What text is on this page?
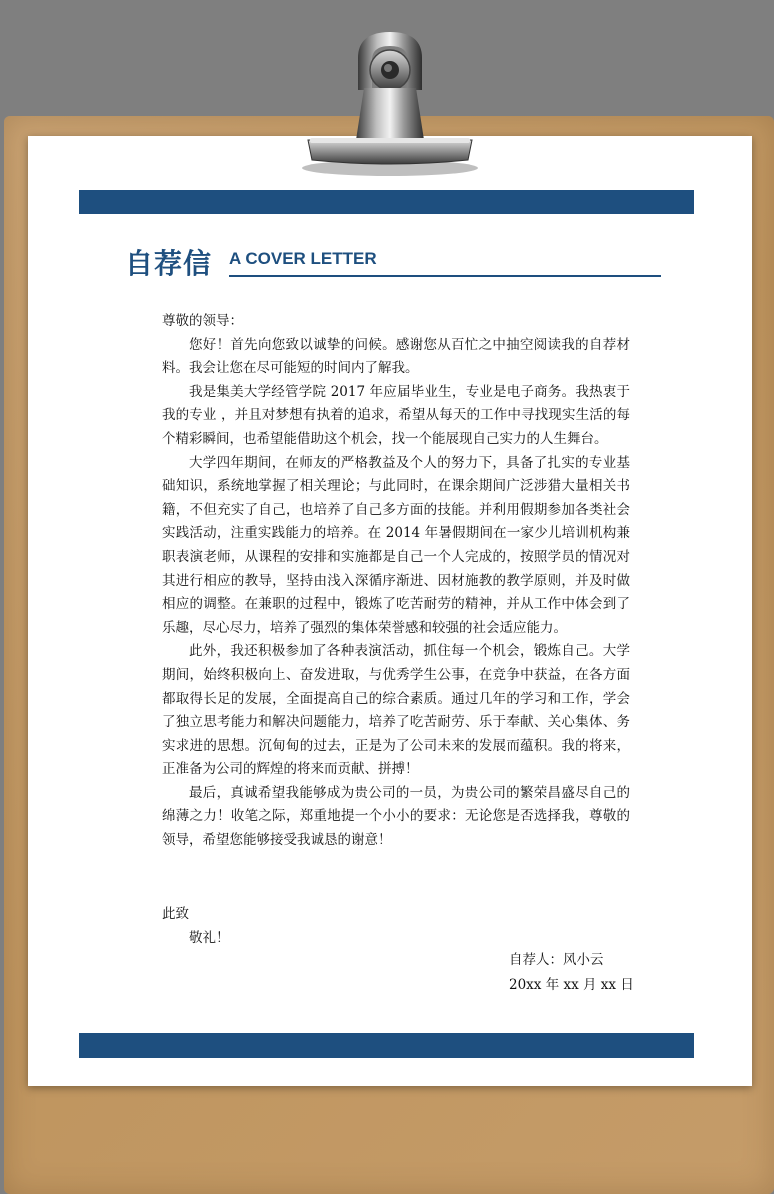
自荐信 A COVER LETTER

尊敬的领导：

您好！首先向您致以诚挚的问候。感谢您从百忙之中抽空阅读我的自荐材料。我会让您在尽可能短的时间内了解我。

我是集美大学经管学院 2017 年应届毕业生，专业是电子商务。我热衷于我的专业 ，并且对梦想有执着的追求，希望从每天的工作中寻找现实生活的每个精彩瞬间，也希望能借助这个机会，找一个能展现自己实力的人生舞台。

大学四年期间，在师友的严格教益及个人的努力下，具备了扎实的专业基础知识，系统地掌握了相关理论；与此同时，在课余期间广泛涉猎大量相关书籍，不但充实了自己，也培养了自己多方面的技能。并利用假期参加各类社会实践活动，注重实践能力的培养。在 2014 年暑假期间在一家少儿培训机构兼职表演老师，从课程的安排和实施都是自己一个人完成的，按照学员的情况对其进行相应的教导，坚持由浅入深循序渐进、因材施教的教学原则，并及时做相应的调整。在兼职的过程中，锻炼了吃苦耐劳的精神，并从工作中体会到了乐趣，尽心尽力，培养了强烈的集体荣誉感和较强的社会适应能力。

此外，我还积极参加了各种表演活动，抓住每一个机会，锻炼自己。大学期间，始终积极向上、奋发进取，与优秀学生公事，在竞争中获益，在各方面都取得长足的发展，全面提高自己的综合素质。通过几年的学习和工作，学会了独立思考能力和解决问题能力，培养了吃苦耐劳、乐于奉献、关心集体、务实求进的思想。沉甸甸的过去，正是为了公司未来的发展而蕴积。我的将来，正准备为公司的辉煌的将来而贡献、拼搏！

最后，真诚希望我能够成为贵公司的一员，为贵公司的繁荣昌盛尽自己的绵薄之力！收笔之际，郑重地提一个小小的要求：无论您是否选择我，尊敬的领导，希望您能够接受我诚恳的谢意！

此致
敬礼！
自荐人：风小云
20xx 年 xx 月 xx 日
